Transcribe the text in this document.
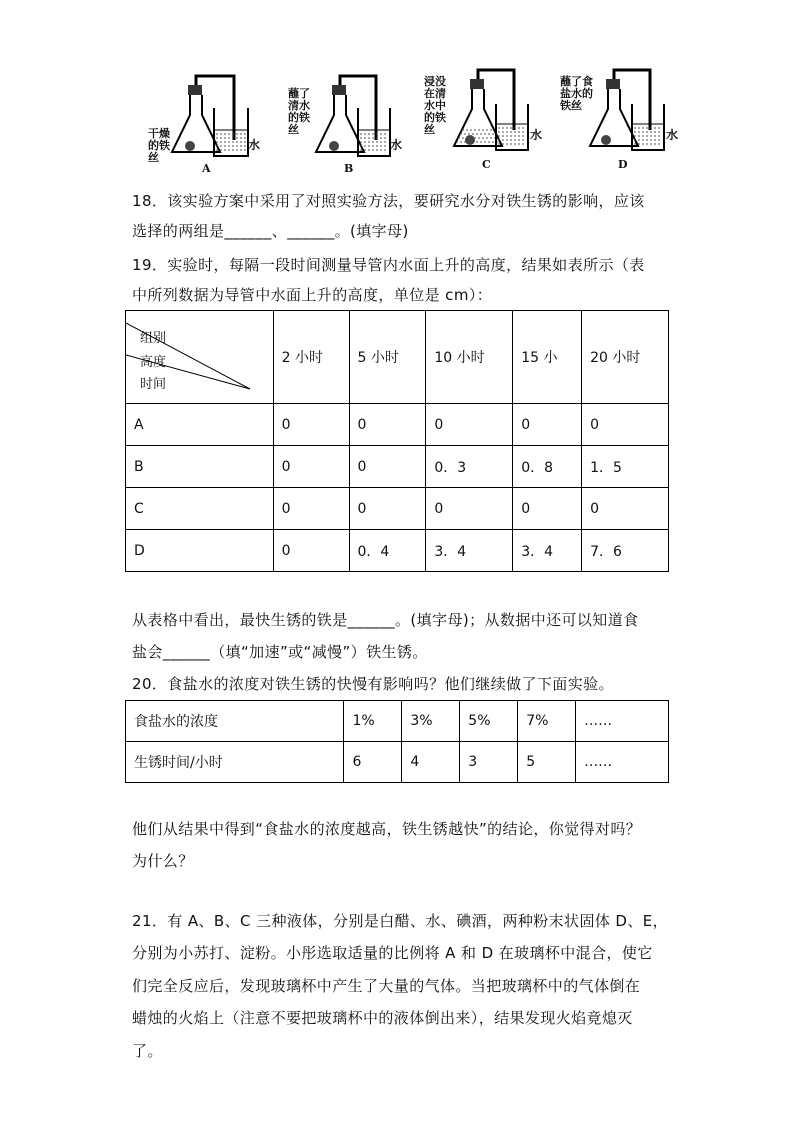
干燥的铁丝
水
A
蘸了清水的铁丝
水
B
浸没在清水中的铁丝	水
C
蘸了食盐水的铁丝
水
D
18．该实验方案中采用了对照实验方法，要研究水分对铁生锈的影响，应该
选择的两组是______、______。(填字母)
19．实验时，每隔一段时间测量导管内水面上升的高度，结果如表所示（表
中所列数据为导管中水面上升的高度，单位是 cm）：
组别
高度
时间	2 小时	5 小时	10 小时	15 小	20 小时
A	0	0	0	0	0
B	0	0	0．3	0．8	1．5
C	0	0	0	0	0
D	0	0．4	3．4	3．4	7．6
从表格中看出，最快生锈的铁是______。(填字母)；从数据中还可以知道食
盐会______（填“加速”或“减慢”）铁生锈。
20．食盐水的浓度对铁生锈的快慢有影响吗？他们继续做了下面实验。
食盐水的浓度	1%	3%	5%	7%	……
生锈时间/小时	6	4	3	5	……
他们从结果中得到“食盐水的浓度越高，铁生锈越快”的结论，你觉得对吗？
为什么？
21．有 A、B、C 三种液体，分别是白醋、水、碘酒，两种粉末状固体 D、E，
分别为小苏打、淀粉。小彤选取适量的比例将 A 和 D 在玻璃杯中混合，使它
们完全反应后，发现玻璃杯中产生了大量的气体。当把玻璃杯中的气体倒在
蜡烛的火焰上（注意不要把玻璃杯中的液体倒出来），结果发现火焰竟熄灭
了。
